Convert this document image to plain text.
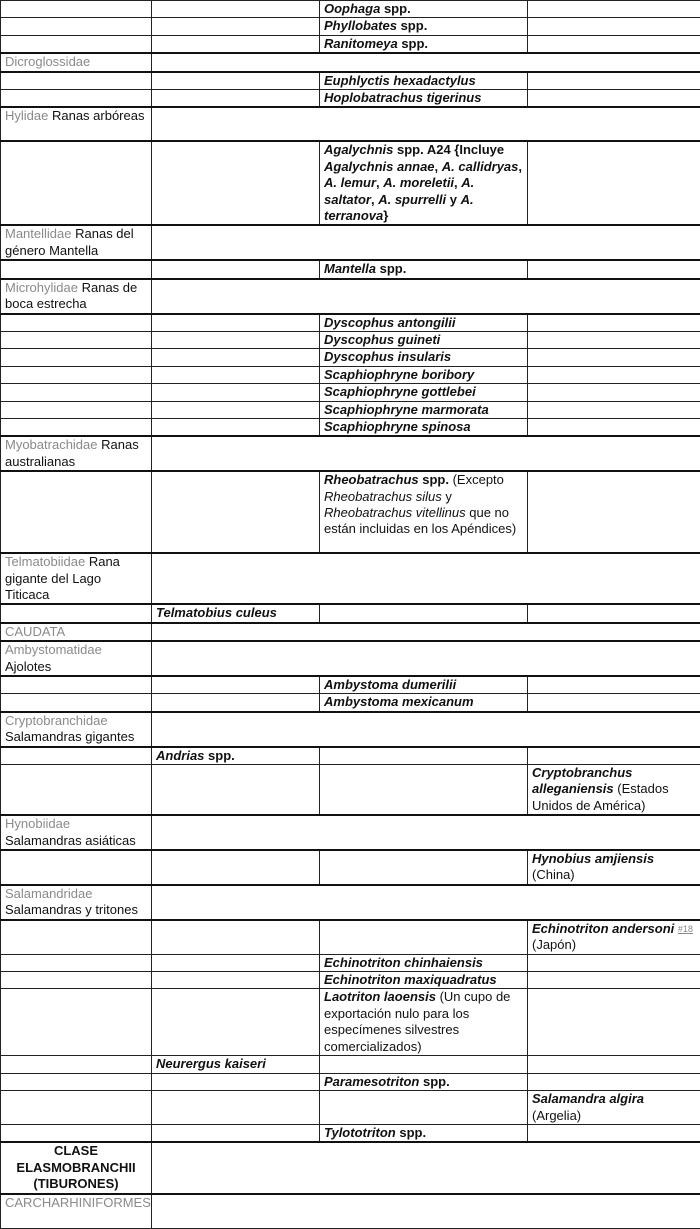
		Oophaga spp.	
		Phyllobates spp.	
		Ranitomeya spp.	
Dicroglossidae			
		Euphlyctis hexadactylus	
		Hoplobatrachus tigerinus	
Hylidae Ranas arbóreas			
		Agalychnis spp. A24 {Incluye Agalychnis annae, A. callidryas, A. lemur, A. moreletii, A. saltator, A. spurrelli y A. terranova}	
Mantellidae Ranas del género Mantella			
		Mantella spp.	
Microhylidae Ranas de boca estrecha			
		Dyscophus antongilii	
		Dyscophus guineti	
		Dyscophus insularis	
		Scaphiophryne boribory	
		Scaphiophryne gottlebei	
		Scaphiophryne marmorata	
		Scaphiophryne spinosa	
Myobatrachidae Ranas australianas			
		Rheobatrachus spp. (Excepto Rheobatrachus silus y Rheobatrachus vitellinus que no están incluidas en los Apéndices)	
Telmatobiidae Rana gigante del Lago Titicaca			
	Telmatobius culeus		
CAUDATA			
Ambystomatidae Ajolotes			
		Ambystoma dumerilii	
		Ambystoma mexicanum	
Cryptobranchidae Salamandras gigantes			
	Andrias spp.		
			Cryptobranchus alleganiensis (Estados Unidos de América)
Hynobiidae Salamandras asiáticas			
			Hynobius amjiensis (China)
Salamandridae Salamandras y tritones			
			Echinotriton andersoni $^{\#18}$ (Japón)
		Echinotriton chinhaiensis	
		Echinotriton maxiquadratus	
		Laotriton laoensis (Un cupo de exportación nulo para los especímenes silvestres comercializados)	
	Neurergus kaiseri		
		Paramesotriton spp.	
			Salamandra algira (Argelia)
		Tylototriton spp.	
CLASE ELASMOBRANCHII (TIBURONES)			
CARCHARHINIFORMES			
